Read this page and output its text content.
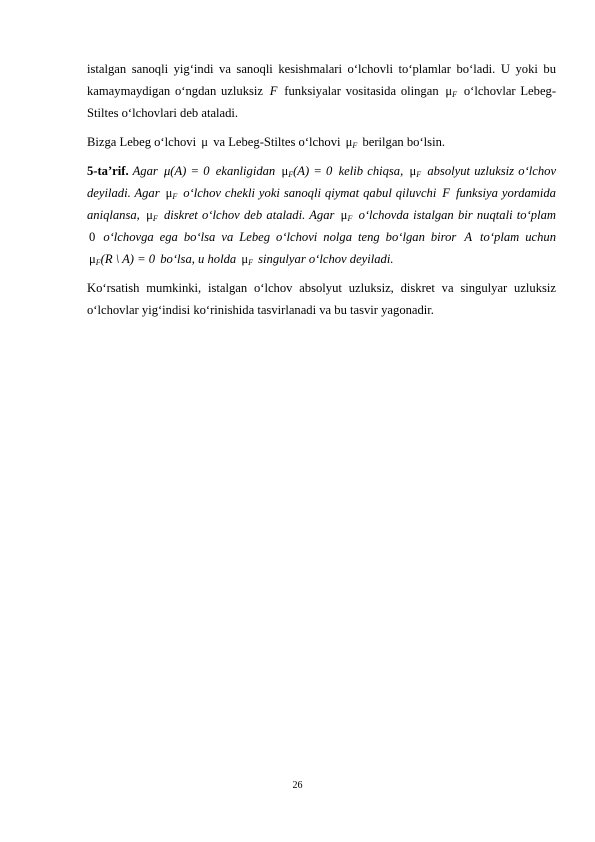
istalgan sanoqli yig‘indi va sanoqli kesishmalari o‘lchovli to‘plamlar bo‘ladi. U yoki bu kamaymaydigan o‘ngdan uzluksiz F funksiyalar vositasida olingan $\mu_F$ o‘lchovlar Lebeg-Stiltes o‘lchovlari deb ataladi.

Bizga Lebeg o‘lchovi μ va Lebeg-Stiltes o‘lchovi $\mu_F$ berilgan bo‘lsin.

5-ta’rif. Agar μ(A) = 0 ekanligidan $\mu_F(A) = 0$ kelib chiqsa, $\mu_F$ absolyut uzluksiz o‘lchov deyiladi. Agar $\mu_F$ o‘lchov chekli yoki sanoqli qiymat qabul qiluvchi F funksiya yordamida aniqlansa, $\mu_F$ diskret o‘lchov deb ataladi. Agar $\mu_F$ o‘lchovda istalgan bir nuqtali to‘plam 0 o‘lchovga ega bo‘lsa va Lebeg o‘lchovi nolga teng bo‘lgan biror A to‘plam uchun $\mu_F(R$ \ A) = 0 bo‘lsa, u holda $\mu_F$ singulyar o‘lchov deyiladi.

Ko‘rsatish mumkinki, istalgan o‘lchov absolyut uzluksiz, diskret va singulyar uzluksiz o‘lchovlar yig‘indisi ko‘rinishida tasvirlanadi va bu tasvir yagonadir.

26
